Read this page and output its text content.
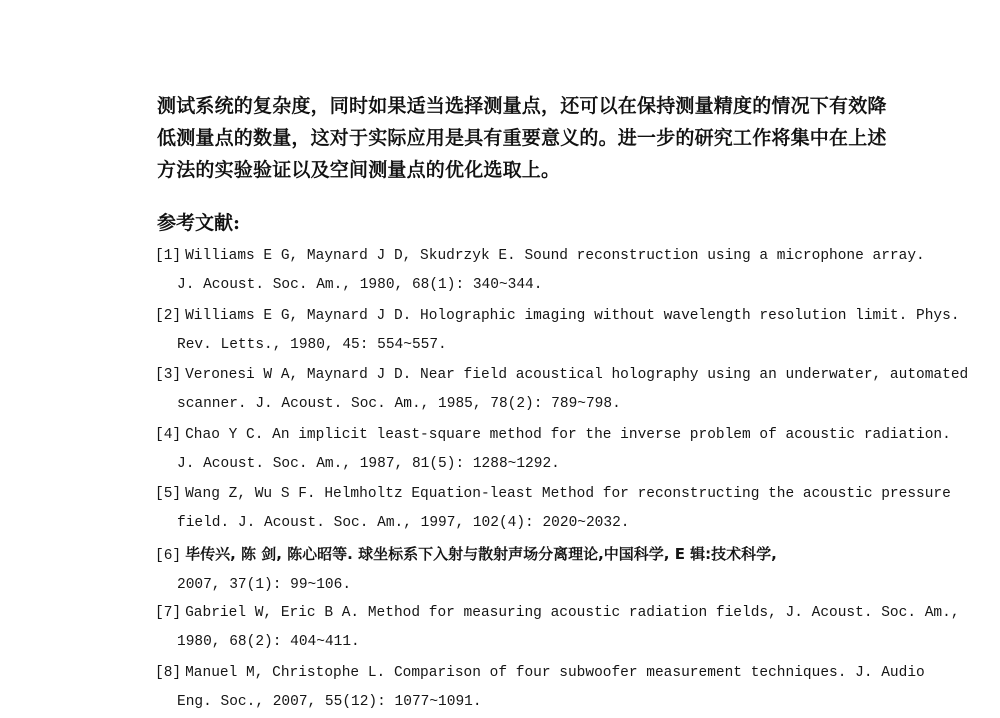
测试系统的复杂度，同时如果适当选择测量点，还可以在保持测量精度的情况下有效降
低测量点的数量，这对于实际应用是具有重要意义的。进一步的研究工作将集中在上述
方法的实验验证以及空间测量点的优化选取上。
参考文献:
[1] Williams E G, Maynard J D, Skudrzyk E. Sound reconstruction using a microphone array.
J. Acoust. Soc. Am., 1980, 68(1): 340~344.
[2] Williams E G, Maynard J D. Holographic imaging without wavelength resolution limit. Phys.
Rev. Letts., 1980, 45: 554~557.
[3] Veronesi W A, Maynard J D. Near field acoustical holography using an underwater, automated
scanner. J. Acoust. Soc. Am., 1985, 78(2): 789~798.
[4] Chao Y C. An implicit least-square method for the inverse problem of acoustic radiation.
J. Acoust. Soc. Am., 1987, 81(5): 1288~1292.
[5] Wang Z, Wu S F. Helmholtz Equation-least Method for reconstructing the acoustic pressure
field. J. Acoust. Soc. Am., 1997, 102(4): 2020~2032.
[6] 毕传兴, 陈 剑, 陈心昭等. 球坐标系下入射与散射声场分离理论,中国科学, E 辑:技术科学,
2007, 37(1): 99~106.
[7] Gabriel W, Eric B A. Method for measuring acoustic radiation fields, J. Acoust. Soc. Am.,
1980, 68(2): 404~411.
[8] Manuel M, Christophe L. Comparison of four subwoofer measurement techniques. J. Audio
Eng. Soc., 2007, 55(12): 1077~1091.
